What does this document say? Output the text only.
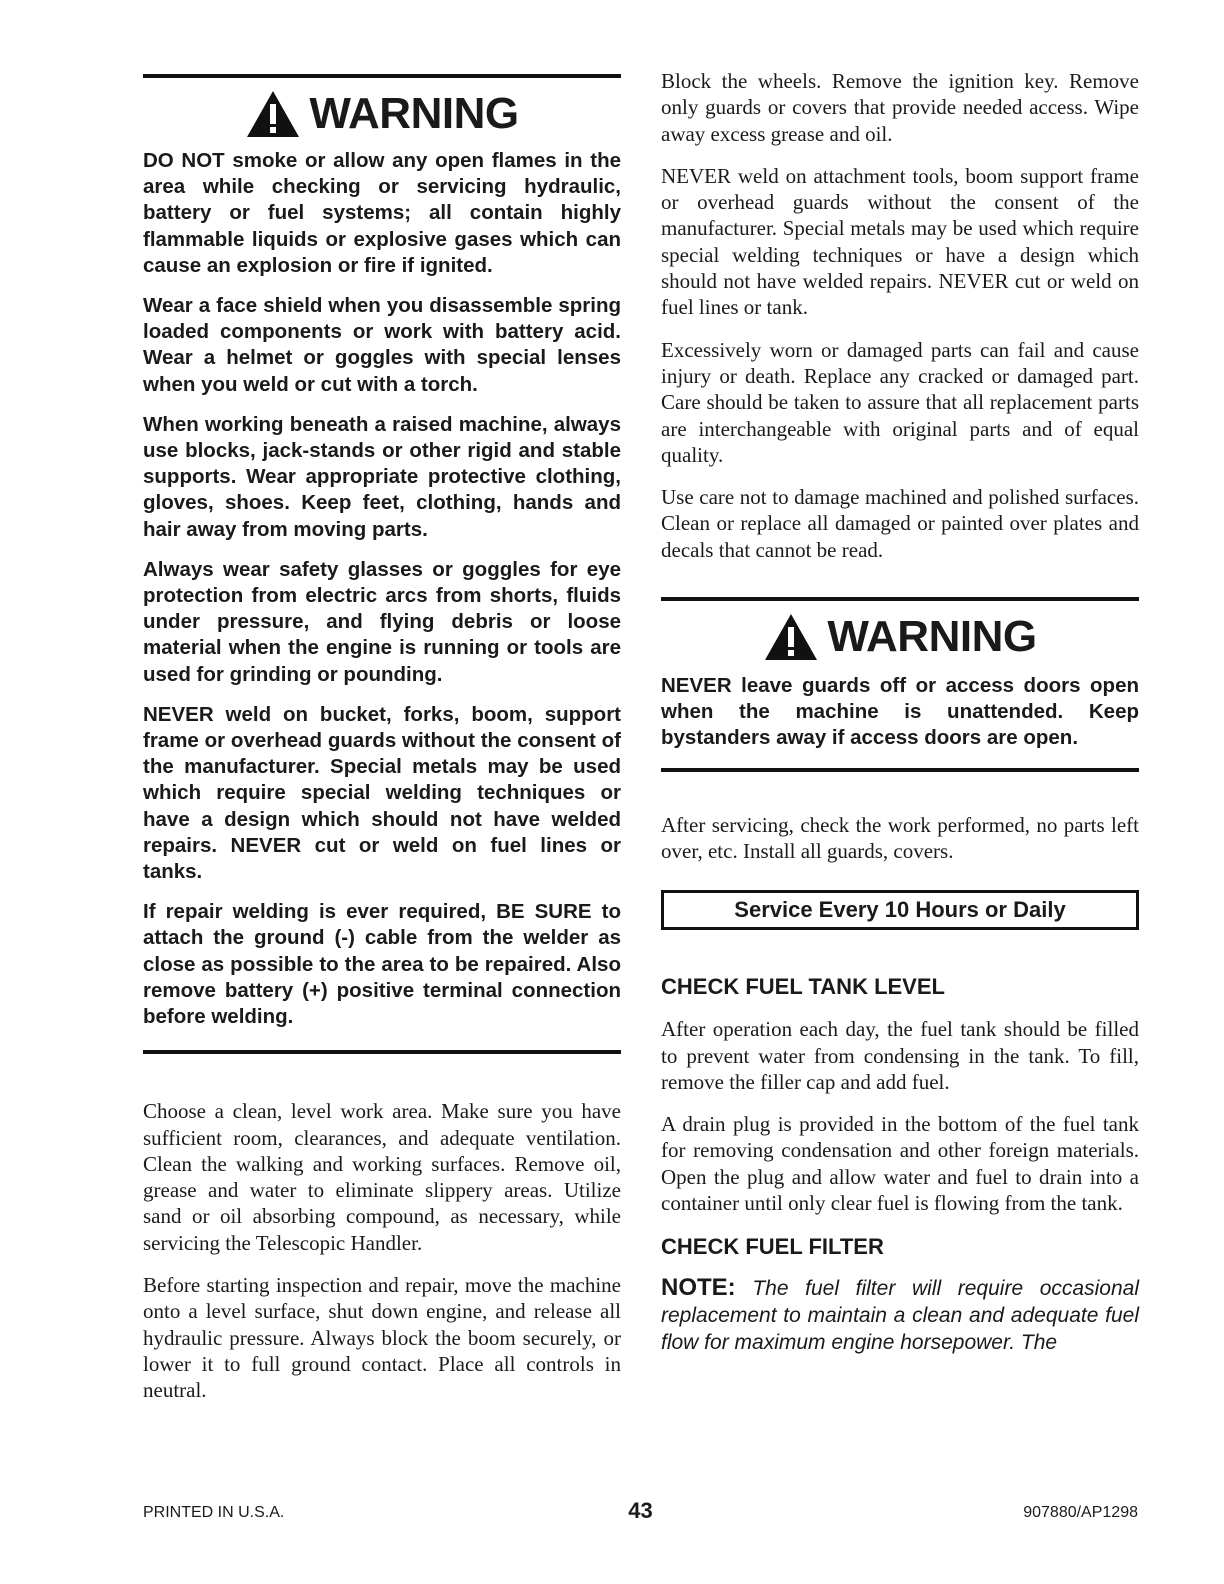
WARNING

DO NOT smoke or allow any open flames in the area while checking or servicing hydraulic, battery or fuel systems; all contain highly flammable liquids or explosive gases which can cause an explosion or fire if ignited.

Wear a face shield when you disassemble spring loaded components or work with battery acid. Wear a helmet or goggles with special lenses when you weld or cut with a torch.

When working beneath a raised machine, always use blocks, jack-stands or other rigid and stable supports. Wear appropriate protective clothing, gloves, shoes. Keep feet, clothing, hands and hair away from moving parts.

Always wear safety glasses or goggles for eye protection from electric arcs from shorts, fluids under pressure, and flying debris or loose material when the engine is running or tools are used for grinding or pounding.

NEVER weld on bucket, forks, boom, support frame or overhead guards without the consent of the manufacturer. Special metals may be used which require special welding techniques or have a design which should not have welded repairs. NEVER cut or weld on fuel lines or tanks.

If repair welding is ever required, BE SURE to attach the ground (-) cable from the welder as close as possible to the area to be repaired. Also remove battery (+) positive terminal connection before welding.

Choose a clean, level work area. Make sure you have sufficient room, clearances, and adequate ventilation. Clean the walking and working surfaces. Remove oil, grease and water to eliminate slippery areas. Utilize sand or oil absorbing compound, as necessary, while servicing the Telescopic Handler.

Before starting inspection and repair, move the machine onto a level surface, shut down engine, and release all hydraulic pressure. Always block the boom securely, or lower it to full ground contact. Place all controls in neutral.

Block the wheels. Remove the ignition key. Remove only guards or covers that provide needed access. Wipe away excess grease and oil.

NEVER weld on attachment tools, boom support frame or overhead guards without the consent of the manufacturer. Special metals may be used which require special welding techniques or have a design which should not have welded repairs. NEVER cut or weld on fuel lines or tank.

Excessively worn or damaged parts can fail and cause injury or death. Replace any cracked or damaged part. Care should be taken to assure that all replacement parts are interchangeable with original parts and of equal quality.

Use care not to damage machined and polished surfaces. Clean or replace all damaged or painted over plates and decals that cannot be read.

WARNING

NEVER leave guards off or access doors open when the machine is unattended. Keep bystanders away if access doors are open.

After servicing, check the work performed, no parts left over, etc. Install all guards, covers.

Service Every 10 Hours or Daily
CHECK FUEL TANK LEVEL

After operation each day, the fuel tank should be filled to prevent water from condensing in the tank. To fill, remove the filler cap and add fuel.

A drain plug is provided in the bottom of the fuel tank for removing condensation and other foreign materials. Open the plug and allow water and fuel to drain into a container until only clear fuel is flowing from the tank.

CHECK FUEL FILTER

NOTE: The fuel filter will require occasional replacement to maintain a clean and adequate fuel flow for maximum engine horsepower. The

PRINTED IN U.S.A.	43	907880/AP1298
